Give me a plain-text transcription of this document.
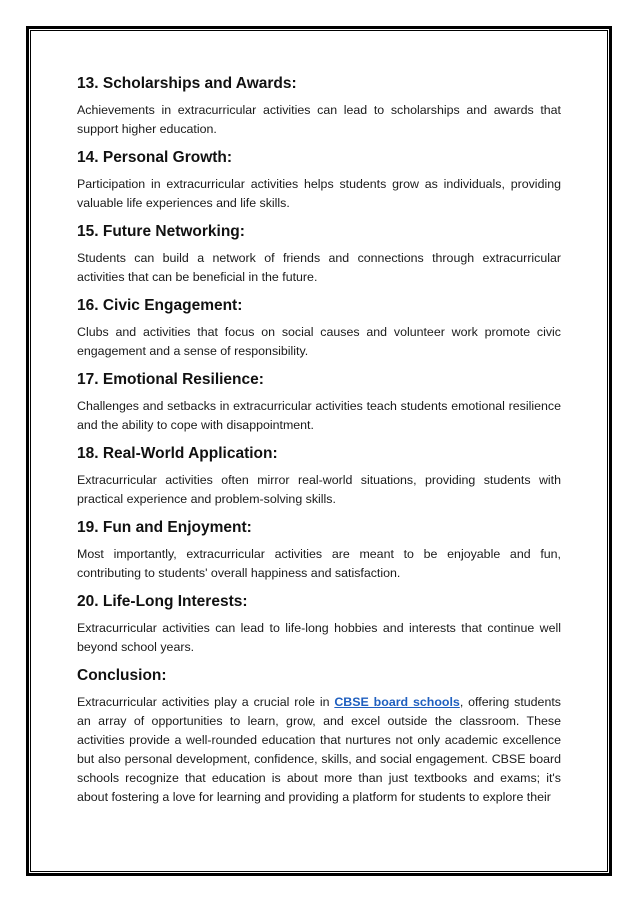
13. Scholarships and Awards:

Achievements in extracurricular activities can lead to scholarships and awards that support higher education.

14. Personal Growth:

Participation in extracurricular activities helps students grow as individuals, providing valuable life experiences and life skills.

15. Future Networking:

Students can build a network of friends and connections through extracurricular activities that can be beneficial in the future.

16. Civic Engagement:

Clubs and activities that focus on social causes and volunteer work promote civic engagement and a sense of responsibility.

17. Emotional Resilience:

Challenges and setbacks in extracurricular activities teach students emotional resilience and the ability to cope with disappointment.

18. Real-World Application:

Extracurricular activities often mirror real-world situations, providing students with practical experience and problem-solving skills.

19. Fun and Enjoyment:

Most importantly, extracurricular activities are meant to be enjoyable and fun, contributing to students' overall happiness and satisfaction.

20. Life-Long Interests:

Extracurricular activities can lead to life-long hobbies and interests that continue well beyond school years.

Conclusion:

Extracurricular activities play a crucial role in CBSE board schools, offering students an array of opportunities to learn, grow, and excel outside the classroom. These activities provide a well-rounded education that nurtures not only academic excellence but also personal development, confidence, skills, and social engagement. CBSE board schools recognize that education is about more than just textbooks and exams; it's about fostering a love for learning and providing a platform for students to explore their
